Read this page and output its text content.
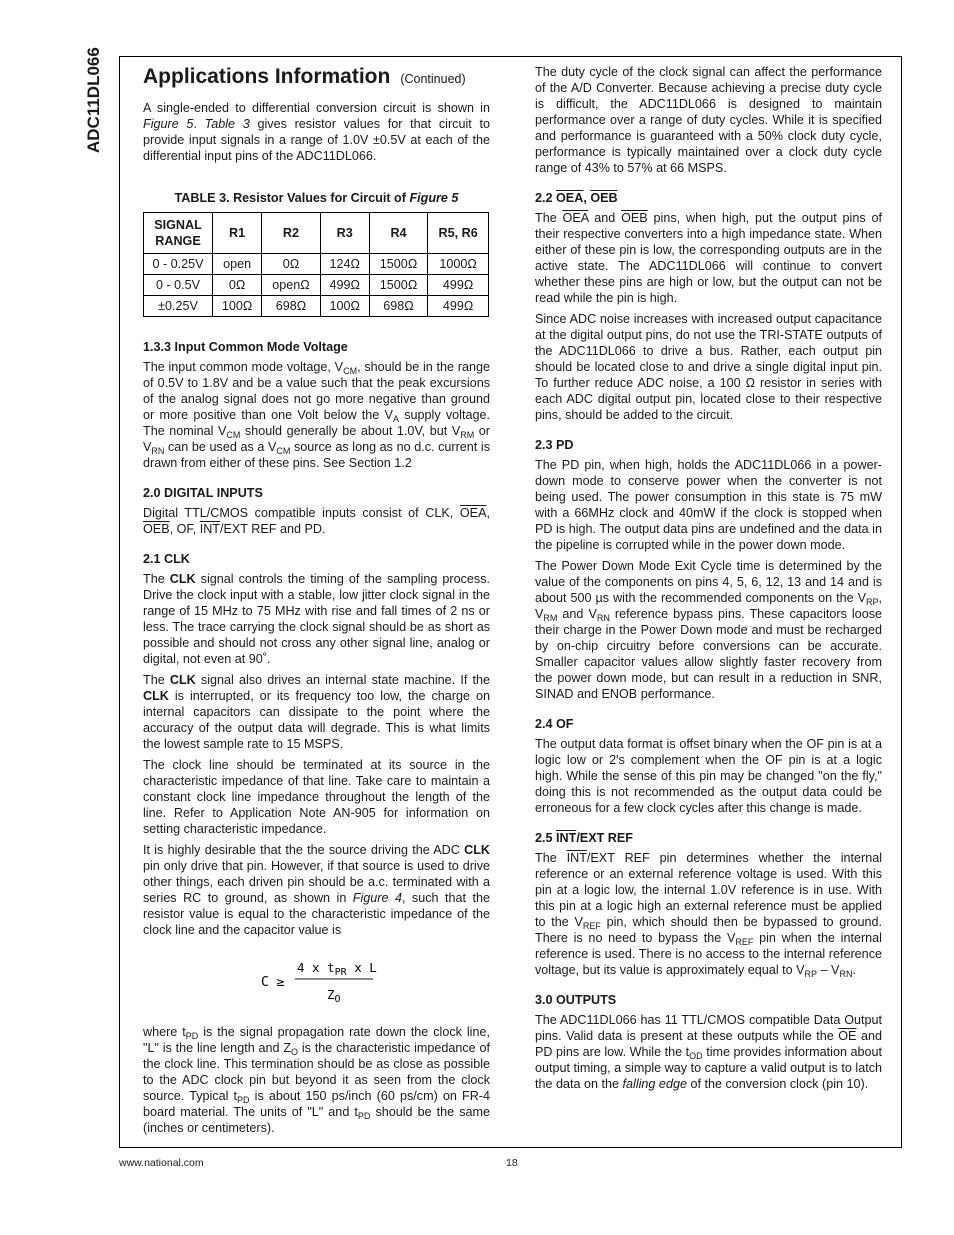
ADC11DL066 Applications Information (Continued)

A single-ended to differential conversion circuit is shown in Figure 5. Table 3 gives resistor values for that circuit to provide input signals in a range of 1.0V ±0.5V at each of the differential input pins of the ADC11DL066.

TABLE 3. Resistor Values for Circuit of Figure 5
SIGNAL RANGE	R1	R2	R3	R4	R5, R6
0 - 0.25V	open	0Ω	124Ω	1500Ω	1000Ω
0 - 0.5V	0Ω	openΩ	499Ω	1500Ω	499Ω
±0.25V	100Ω	698Ω	100Ω	698Ω	499Ω
1.3.3 Input Common Mode Voltage

The input common mode voltage, $V_{CM}$, should be in the range of 0.5V to 1.8V and be a value such that the peak excursions of the analog signal does not go more negative than ground or more positive than one Volt below the $V_A$ supply voltage. The nominal $V_{CM}$ should generally be about 1.0V, but $V_{RM}$ or $V_{RN}$ can be used as a $V_{CM}$ source as long as no d.c. current is drawn from either of these pins. See Section 1.2

2.0 DIGITAL INPUTS

Digital TTL/CMOS compatible inputs consist of CLK, $\overline{OEA}$, $\overline{OEB}$, OF, $\overline{INT}$/EXT REF and PD.

2.1 CLK

The CLK signal controls the timing of the sampling process. Drive the clock input with a stable, low jitter clock signal in the range of 15 MHz to 75 MHz with rise and fall times of 2 ns or less. The trace carrying the clock signal should be as short as possible and should not cross any other signal line, analog or digital, not even at 90˚.

The CLK signal also drives an internal state machine. If the CLK is interrupted, or its frequency too low, the charge on internal capacitors can dissipate to the point where the accuracy of the output data will degrade. This is what limits the lowest sample rate to 15 MSPS.

The clock line should be terminated at its source in the characteristic impedance of that line. Take care to maintain a constant clock line impedance throughout the length of the line. Refer to Application Note AN-905 for information on setting characteristic impedance.

It is highly desirable that the the source driving the ADC CLK pin only drive that pin. However, if that source is used to drive other things, each driven pin should be a.c. terminated with a series RC to ground, as shown in Figure 4, such that the resistor value is equal to the characteristic impedance of the clock line and the capacitor value is

C ≥
4 x $t_{PR}$ x L
$Z_O$

where $t_{PD}$ is the signal propagation rate down the clock line, "L" is the line length and $Z_O$ is the characteristic impedance of the clock line. This termination should be as close as possible to the ADC clock pin but beyond it as seen from the clock source. Typical $t_{PD}$ is about 150 ps/inch (60 ps/cm) on FR-4 board material. The units of "L" and $t_{PD}$ should be the same (inches or centimeters).

The duty cycle of the clock signal can affect the performance of the A/D Converter. Because achieving a precise duty cycle is difficult, the ADC11DL066 is designed to maintain performance over a range of duty cycles. While it is specified and performance is guaranteed with a 50% clock duty cycle, performance is typically maintained over a clock duty cycle range of 43% to 57% at 66 MSPS.

2.2 OEA, OEB

The $\overline{OEA}$ and $\overline{OEB}$ pins, when high, put the output pins of their respective converters into a high impedance state. When either of these pin is low, the corresponding outputs are in the active state. The ADC11DL066 will continue to convert whether these pins are high or low, but the output can not be read while the pin is high.

Since ADC noise increases with increased output capacitance at the digital output pins, do not use the TRI-STATE outputs of the ADC11DL066 to drive a bus. Rather, each output pin should be located close to and drive a single digital input pin. To further reduce ADC noise, a 100 Ω resistor in series with each ADC digital output pin, located close to their respective pins, should be added to the circuit.

2.3 PD

The PD pin, when high, holds the ADC11DL066 in a power-down mode to conserve power when the converter is not being used. The power consumption in this state is 75 mW with a 66MHz clock and 40mW if the clock is stopped when PD is high. The output data pins are undefined and the data in the pipeline is corrupted while in the power down mode.

The Power Down Mode Exit Cycle time is determined by the value of the components on pins 4, 5, 6, 12, 13 and 14 and is about 500 µs with the recommended components on the $V_{RP}$, $V_{RM}$ and $V_{RN}$ reference bypass pins. These capacitors loose their charge in the Power Down mode and must be recharged by on-chip circuitry before conversions can be accurate. Smaller capacitor values allow slightly faster recovery from the power down mode, but can result in a reduction in SNR, SINAD and ENOB performance.

2.4 OF

The output data format is offset binary when the OF pin is at a logic low or 2's complement when the OF pin is at a logic high. While the sense of this pin may be changed "on the fly," doing this is not recommended as the output data could be erroneous for a few clock cycles after this change is made.

2.5 INT/EXT REF

The $\overline{INT}$/EXT REF pin determines whether the internal reference or an external reference voltage is used. With this pin at a logic low, the internal 1.0V reference is in use. With this pin at a logic high an external reference must be applied to the $V_{REF}$ pin, which should then be bypassed to ground. There is no need to bypass the $V_{REF}$ pin when the internal reference is used. There is no access to the internal reference voltage, but its value is approximately equal to $V_{RP} - V_{RN}$.

3.0 OUTPUTS

The ADC11DL066 has 11 TTL/CMOS compatible Data Output pins. Valid data is present at these outputs while the $\overline{OE}$ and PD pins are low. While the $t_{OD}$ time provides information about output timing, a simple way to capture a valid output is to latch the data on the falling edge of the conversion clock (pin 10).

www.national.com	18
